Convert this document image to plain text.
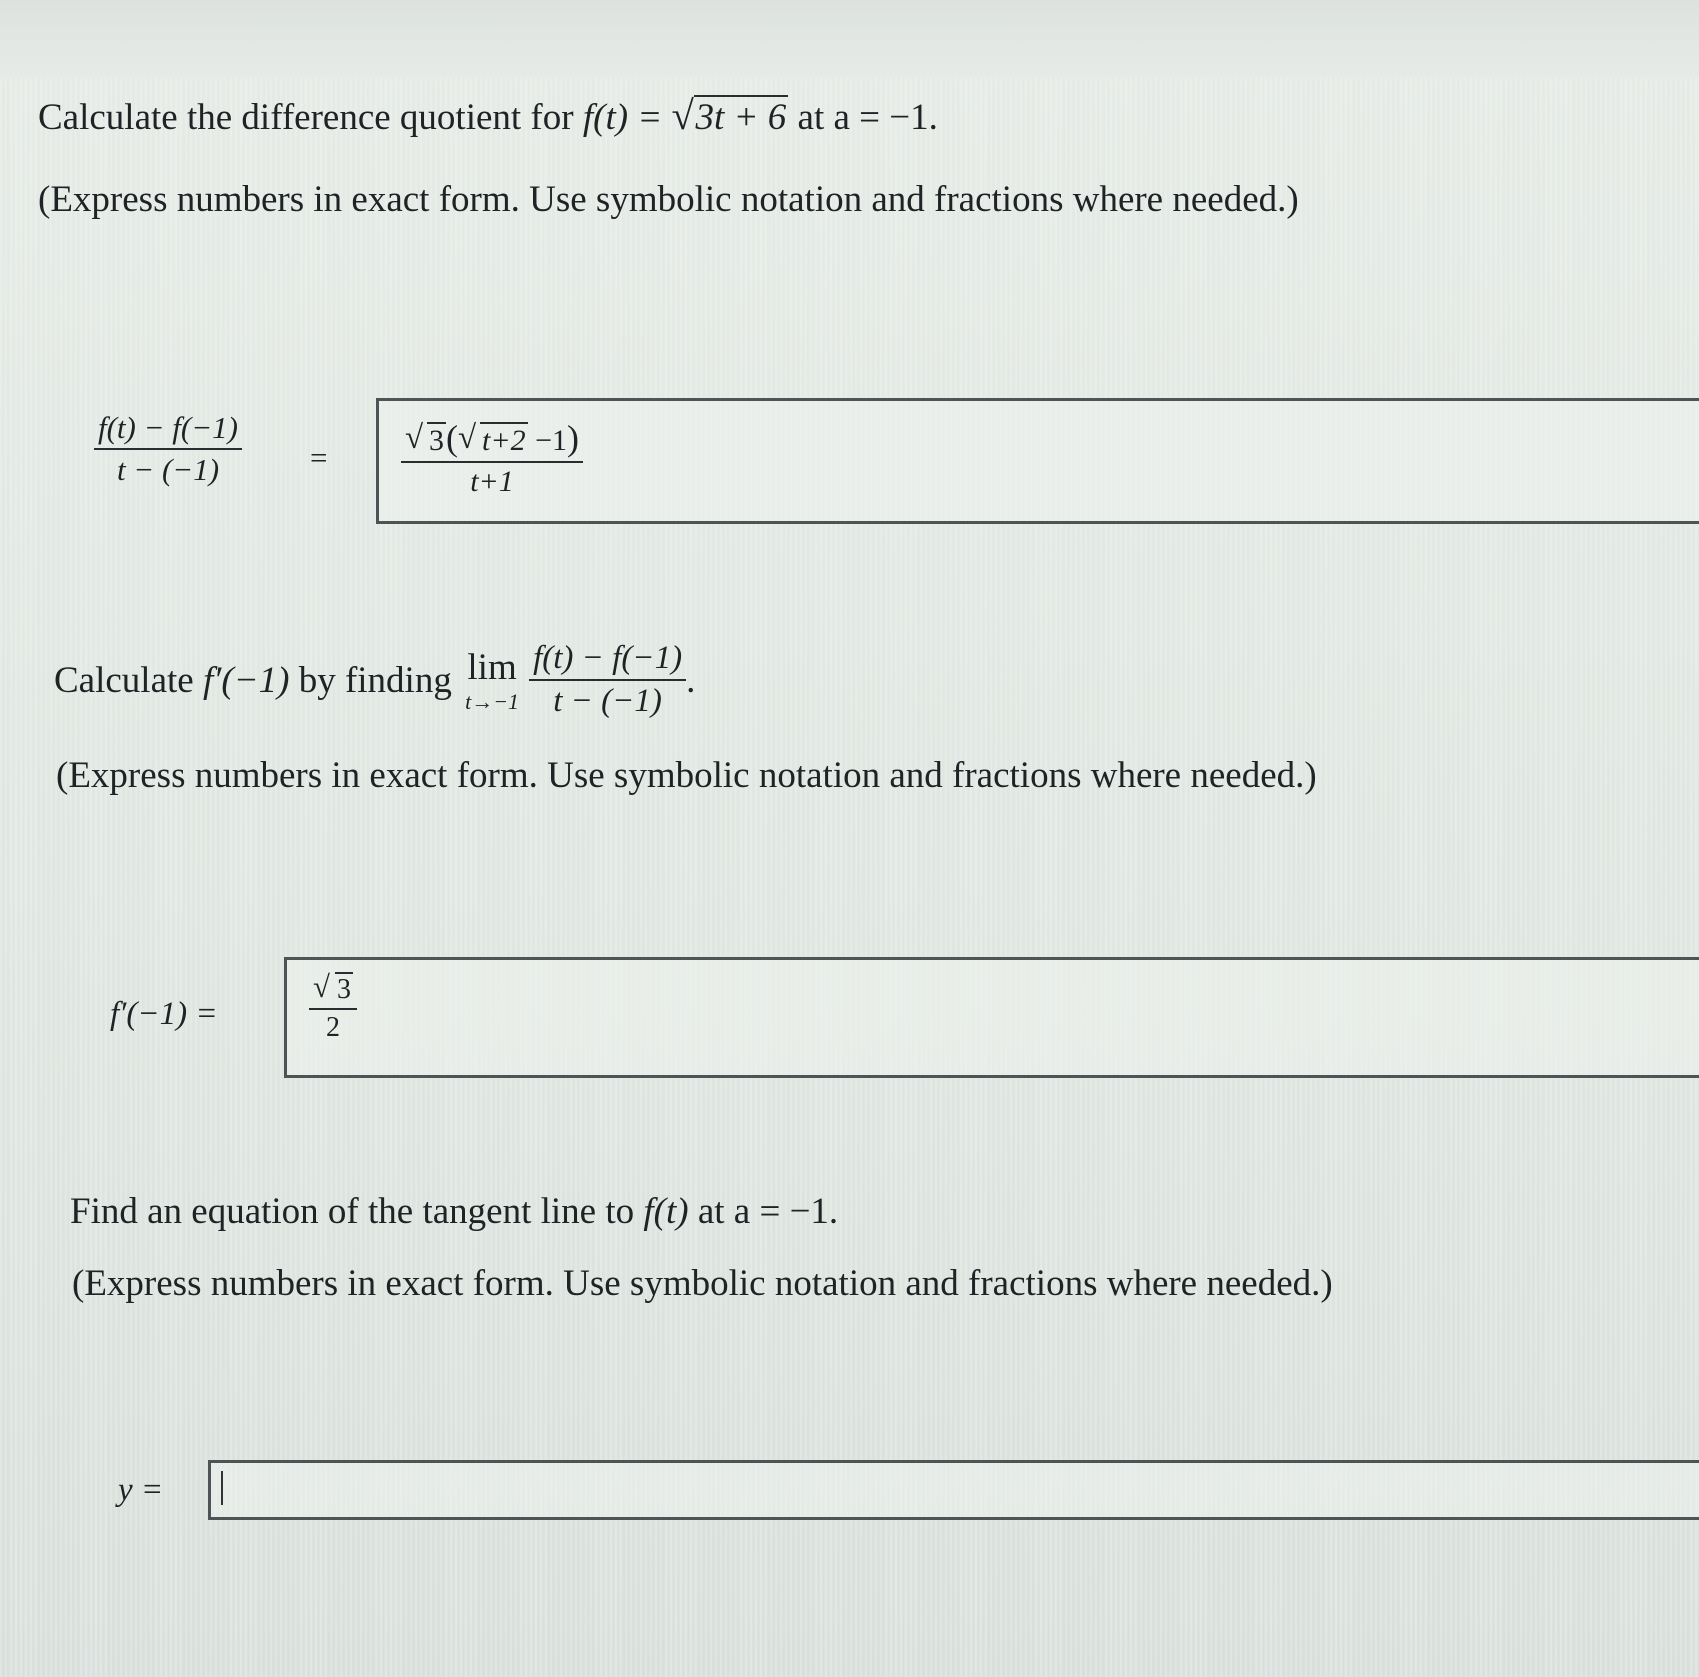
Calculate the difference quotient for f(t) = √ 3t + 6 at a = −1.
(Express numbers in exact form. Use symbolic notation and fractions where needed.)
$\frac{f(t) - f(-1)}{t - (-1)} = \frac{√ 3( √ t+2 -1)}{t+1}$
Calculate
f′(−1)
by finding
lim
$t\to-1 \frac{f(t) - f(-1)}{t - (-1)}$ .
(Express numbers in exact form. Use symbolic notation and fractions where needed.)
f′(−1) =	$\frac{√ 3}{2}$
Find an equation of the tangent line to f(t) at a = −1.
(Express numbers in exact form. Use symbolic notation and fractions where needed.)
y =
